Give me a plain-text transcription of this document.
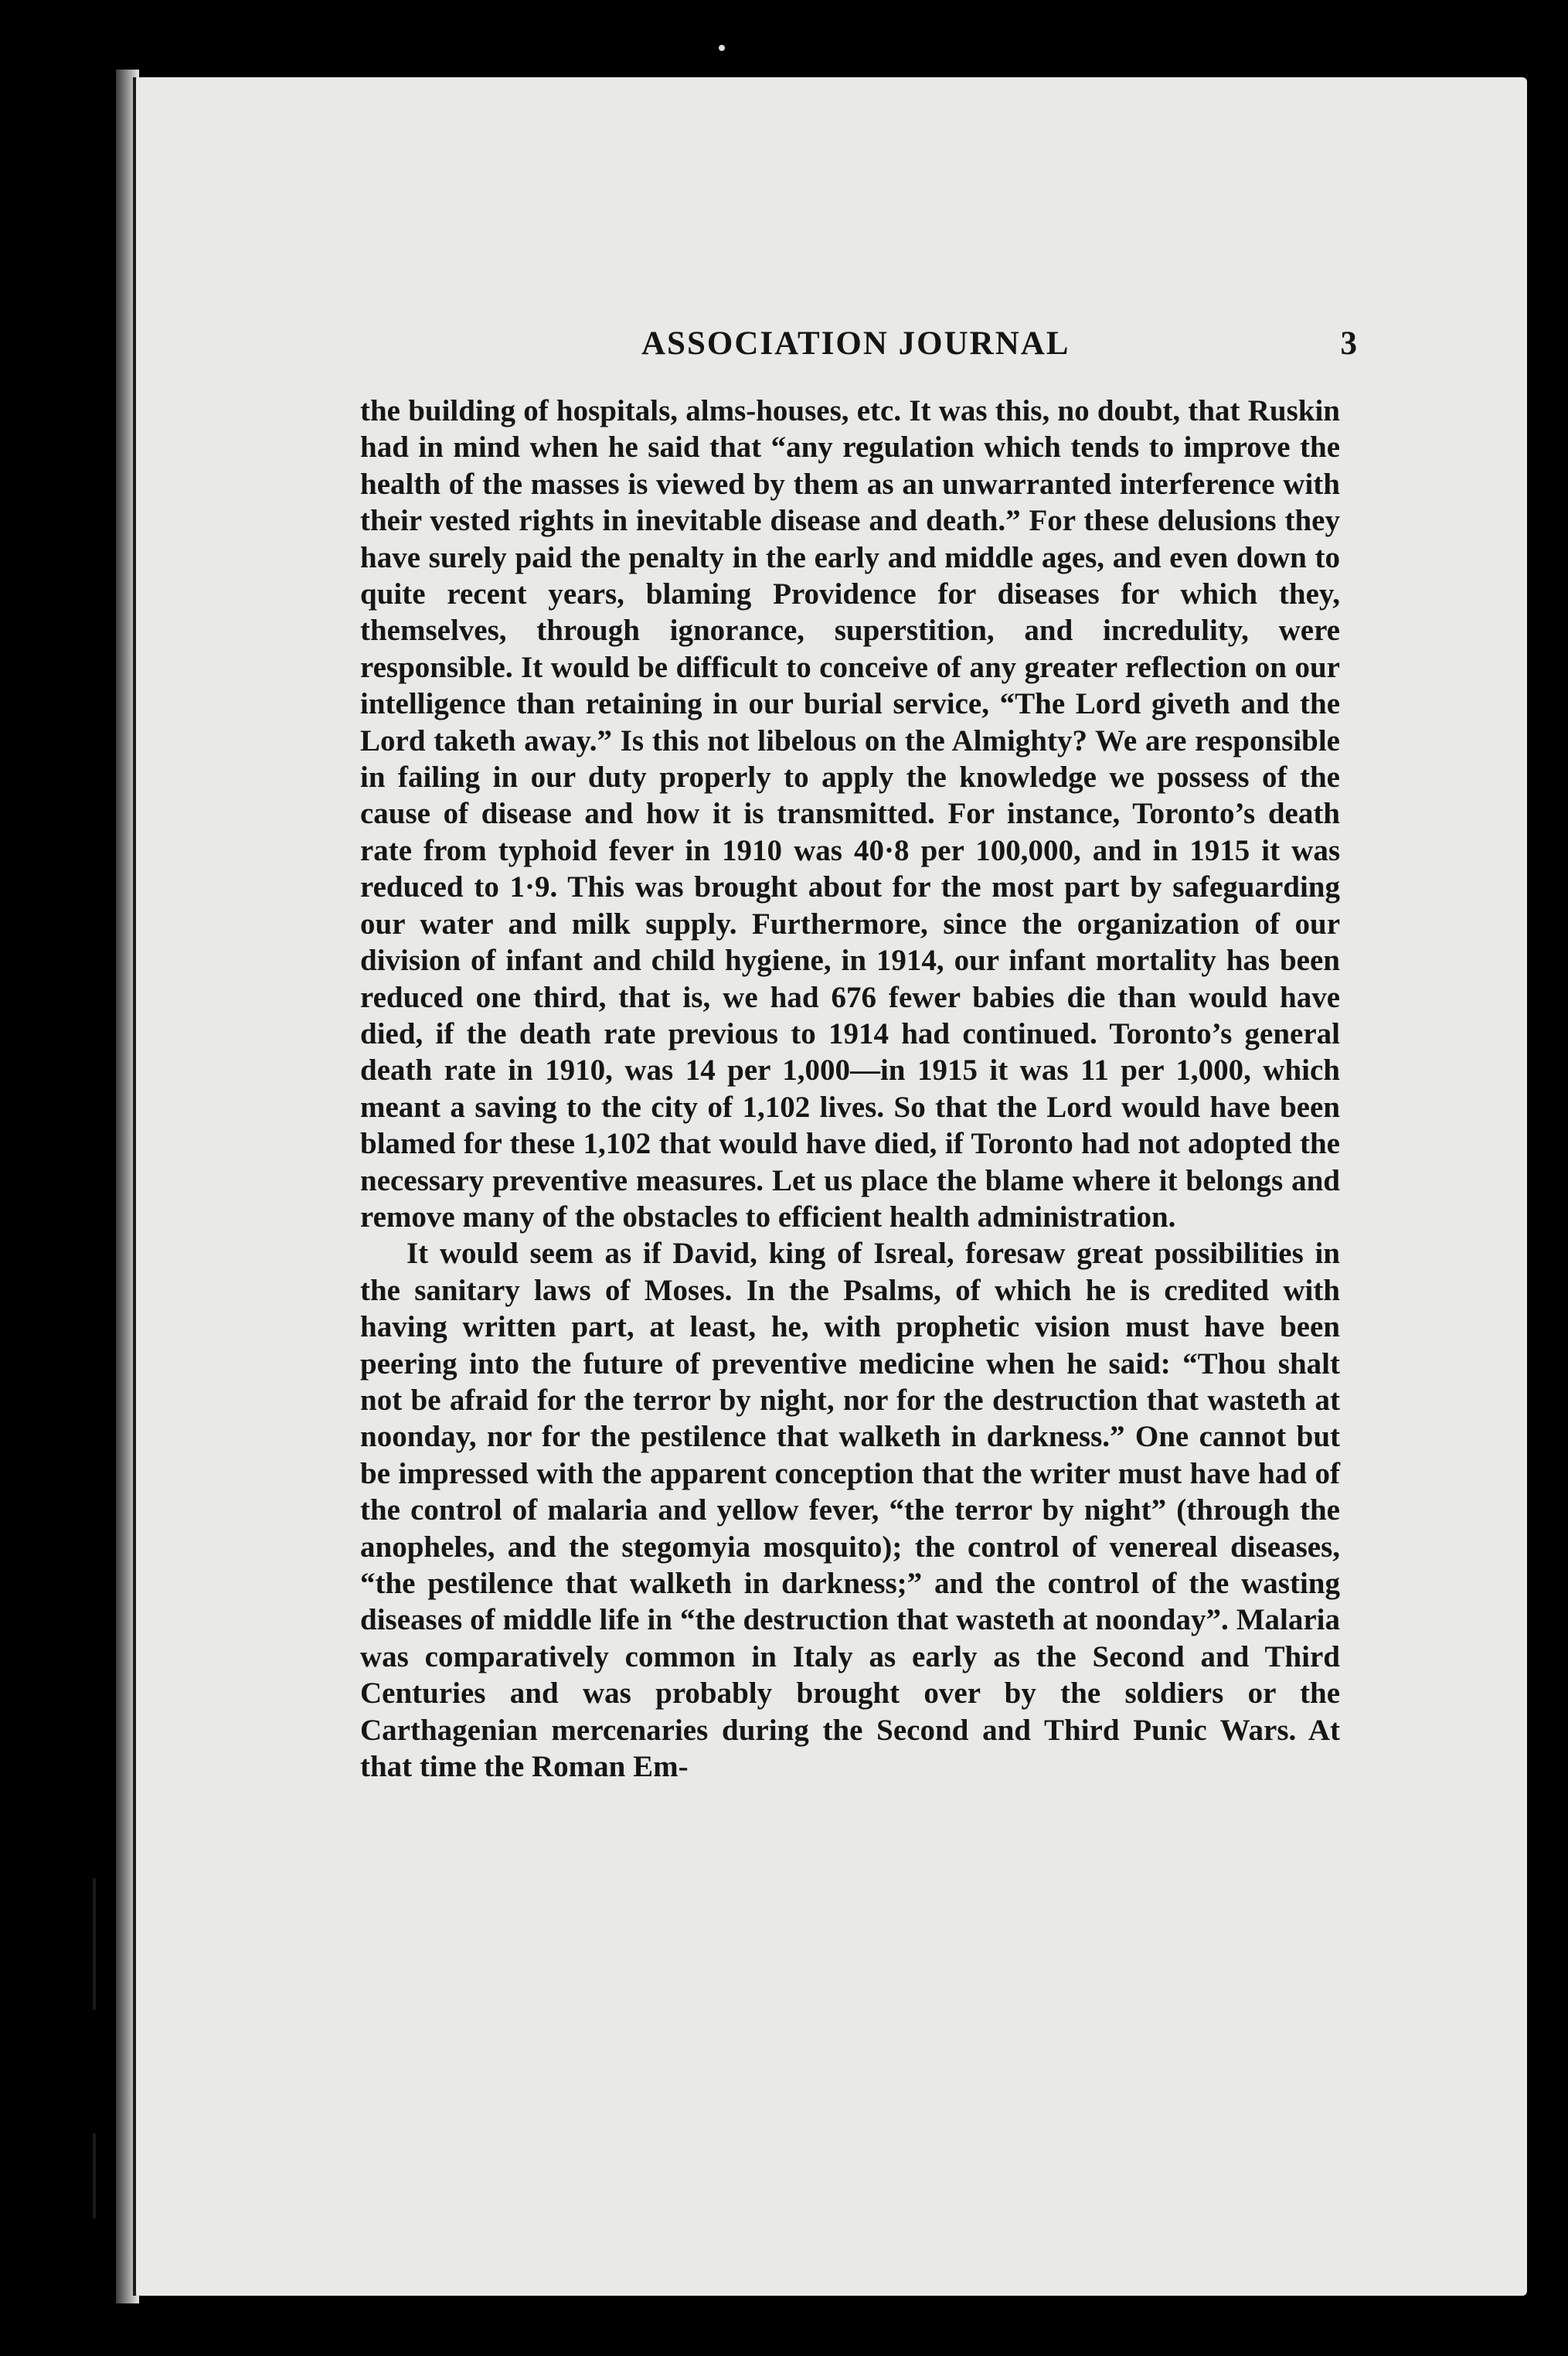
ASSOCIATION JOURNAL	3

the building of hospitals, alms-houses, etc. It was this, no doubt, that Ruskin had in mind when he said that “any regulation which tends to improve the health of the masses is viewed by them as an unwarranted interference with their vested rights in inevitable disease and death.” For these delusions they have surely paid the penalty in the early and middle ages, and even down to quite recent years, blaming Providence for diseases for which they, themselves, through ignorance, superstition, and incredulity, were responsible. It would be difficult to conceive of any greater reflection on our intelligence than retaining in our burial service, “The Lord giveth and the Lord taketh away.” Is this not libelous on the Almighty? We are responsible in failing in our duty properly to apply the knowledge we possess of the cause of disease and how it is transmitted. For instance, Toronto’s death rate from typhoid fever in 1910 was 40·8 per 100,000, and in 1915 it was reduced to 1·9. This was brought about for the most part by safeguarding our water and milk supply. Furthermore, since the organization of our division of infant and child hygiene, in 1914, our infant mortality has been reduced one third, that is, we had 676 fewer babies die than would have died, if the death rate previous to 1914 had continued. Toronto’s general death rate in 1910, was 14 per 1,000—in 1915 it was 11 per 1,000, which meant a saving to the city of 1,102 lives. So that the Lord would have been blamed for these 1,102 that would have died, if Toronto had not adopted the necessary preventive measures. Let us place the blame where it belongs and remove many of the obstacles to efficient health administration.

It would seem as if David, king of Isreal, foresaw great possibilities in the sanitary laws of Moses. In the Psalms, of which he is credited with having written part, at least, he, with prophetic vision must have been peering into the future of preventive medicine when he said: “Thou shalt not be afraid for the terror by night, nor for the destruction that wasteth at noonday, nor for the pestilence that walketh in darkness.” One cannot but be impressed with the apparent conception that the writer must have had of the control of malaria and yellow fever, “the terror by night” (through the anopheles, and the stegomyia mosquito); the control of venereal diseases, “the pestilence that walketh in darkness;” and the control of the wasting diseases of middle life in “the destruction that wasteth at noonday”. Malaria was comparatively common in Italy as early as the Second and Third Centuries and was probably brought over by the soldiers or the Carthagenian mercenaries during the Second and Third Punic Wars. At that time the Roman Em-
